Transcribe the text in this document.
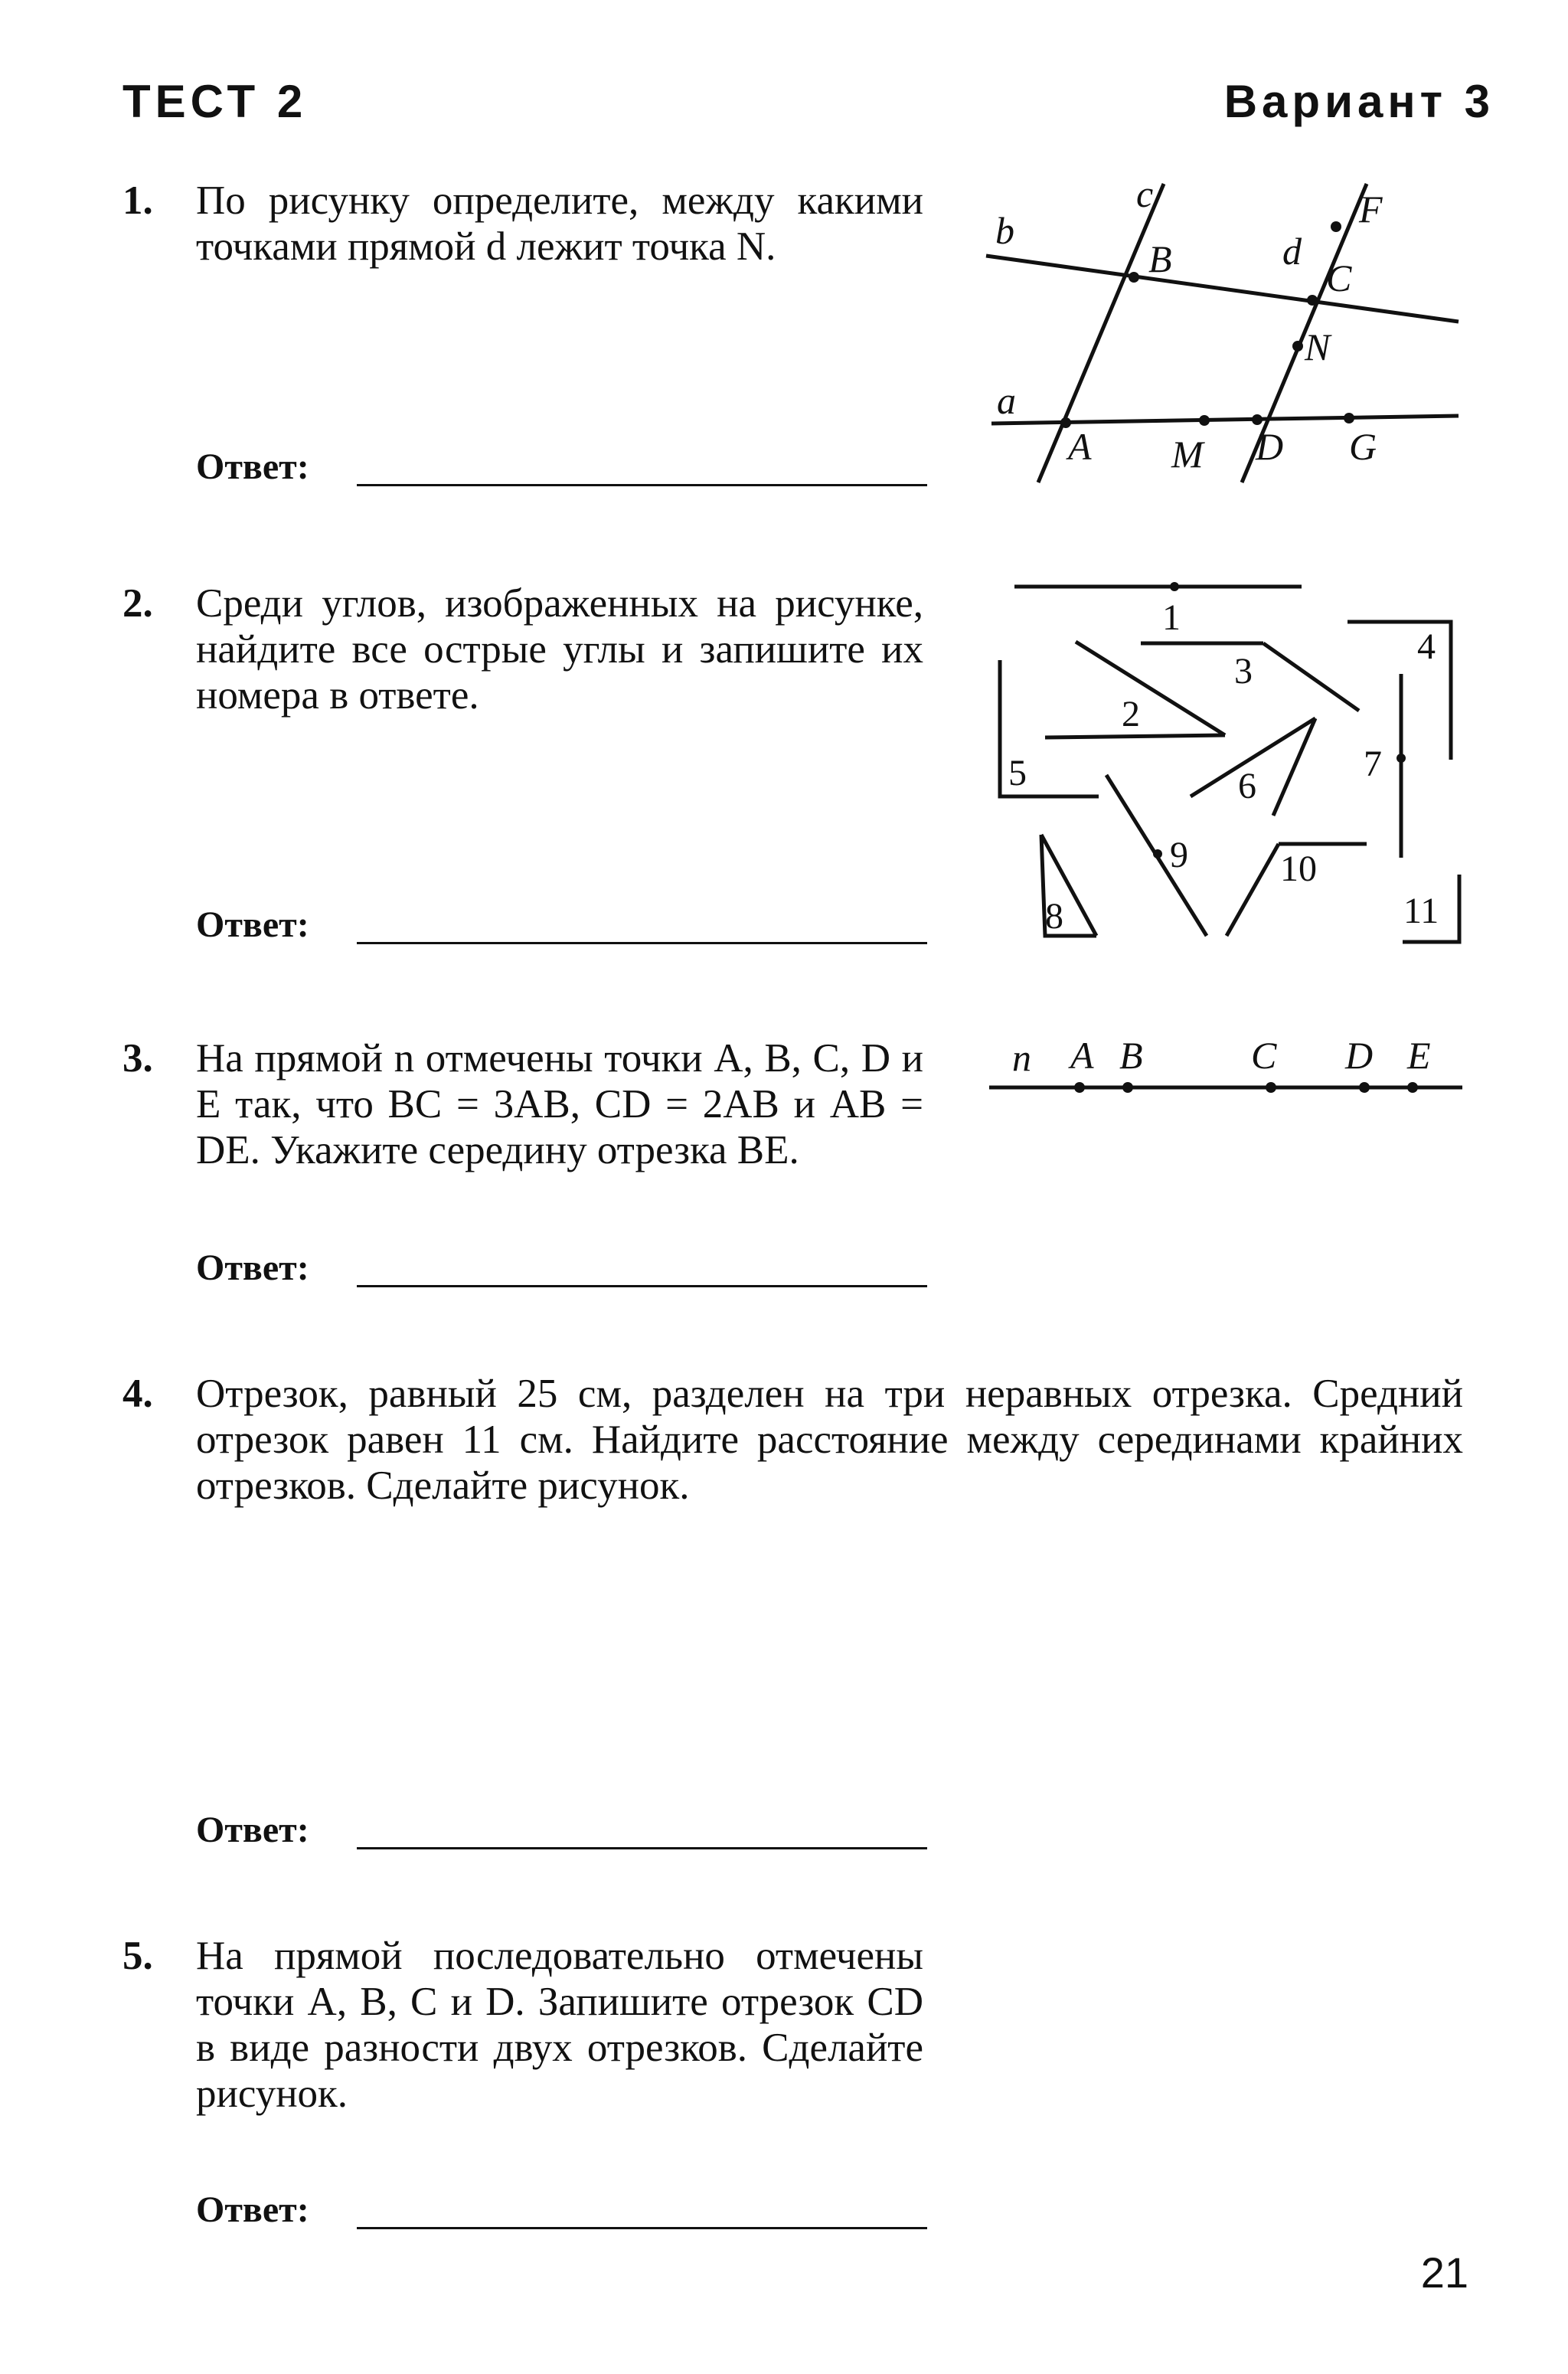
ТЕСТ 2	Вариант 3
1. По рисунку определите, между какими точками прямой d лежит точка N.
Ответ:
c	F
b
B	d
C
N
a
A M D G
2. Среди углов, изображенных на рисунке, найдите все острые углы и запишите их номера в ответе.
Ответ:
1
2
3
4
5	6
7
8
9	10
11
3. На прямой n отмечены точки A, B, C, D и E так, что BC = 3AB, CD = 2AB и AB = DE. Укажите середину отрезка BE.
Ответ:
n A B	C D E
4. Отрезок, равный 25 см, разделен на три неравных отрезка. Средний отрезок равен 11 см. Найдите расстояние между серединами крайних отрезков. Сделайте рисунок.
Ответ:
5. На прямой последовательно отмечены точки A, B, C и D. Запишите отрезок CD в виде разности двух отрезков. Сделайте рисунок.
Ответ:
21
